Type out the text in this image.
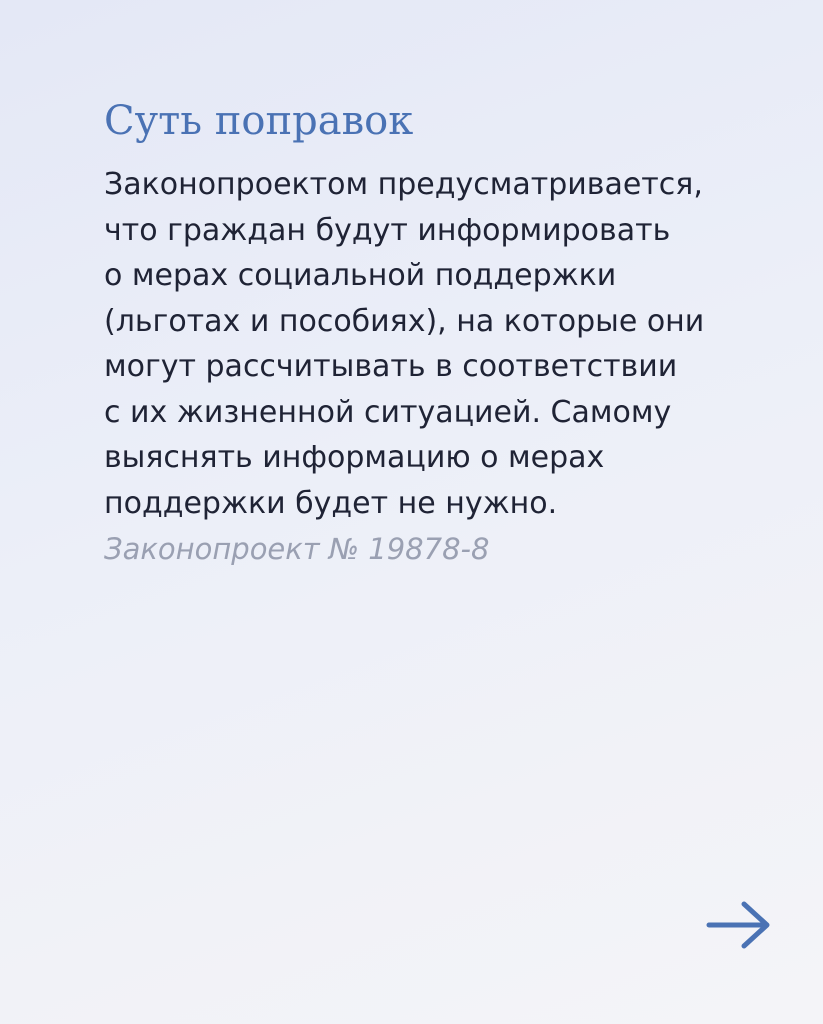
Суть поправок

Законопроектом предусматривается,
что граждан будут информировать
о мерах социальной поддержки
(льготах и пособиях), на которые они
могут рассчитывать в соответствии
с их жизненной ситуацией. Самому
выяснять информацию о мерах
поддержки будет не нужно.

Законопроект № 19878-8
